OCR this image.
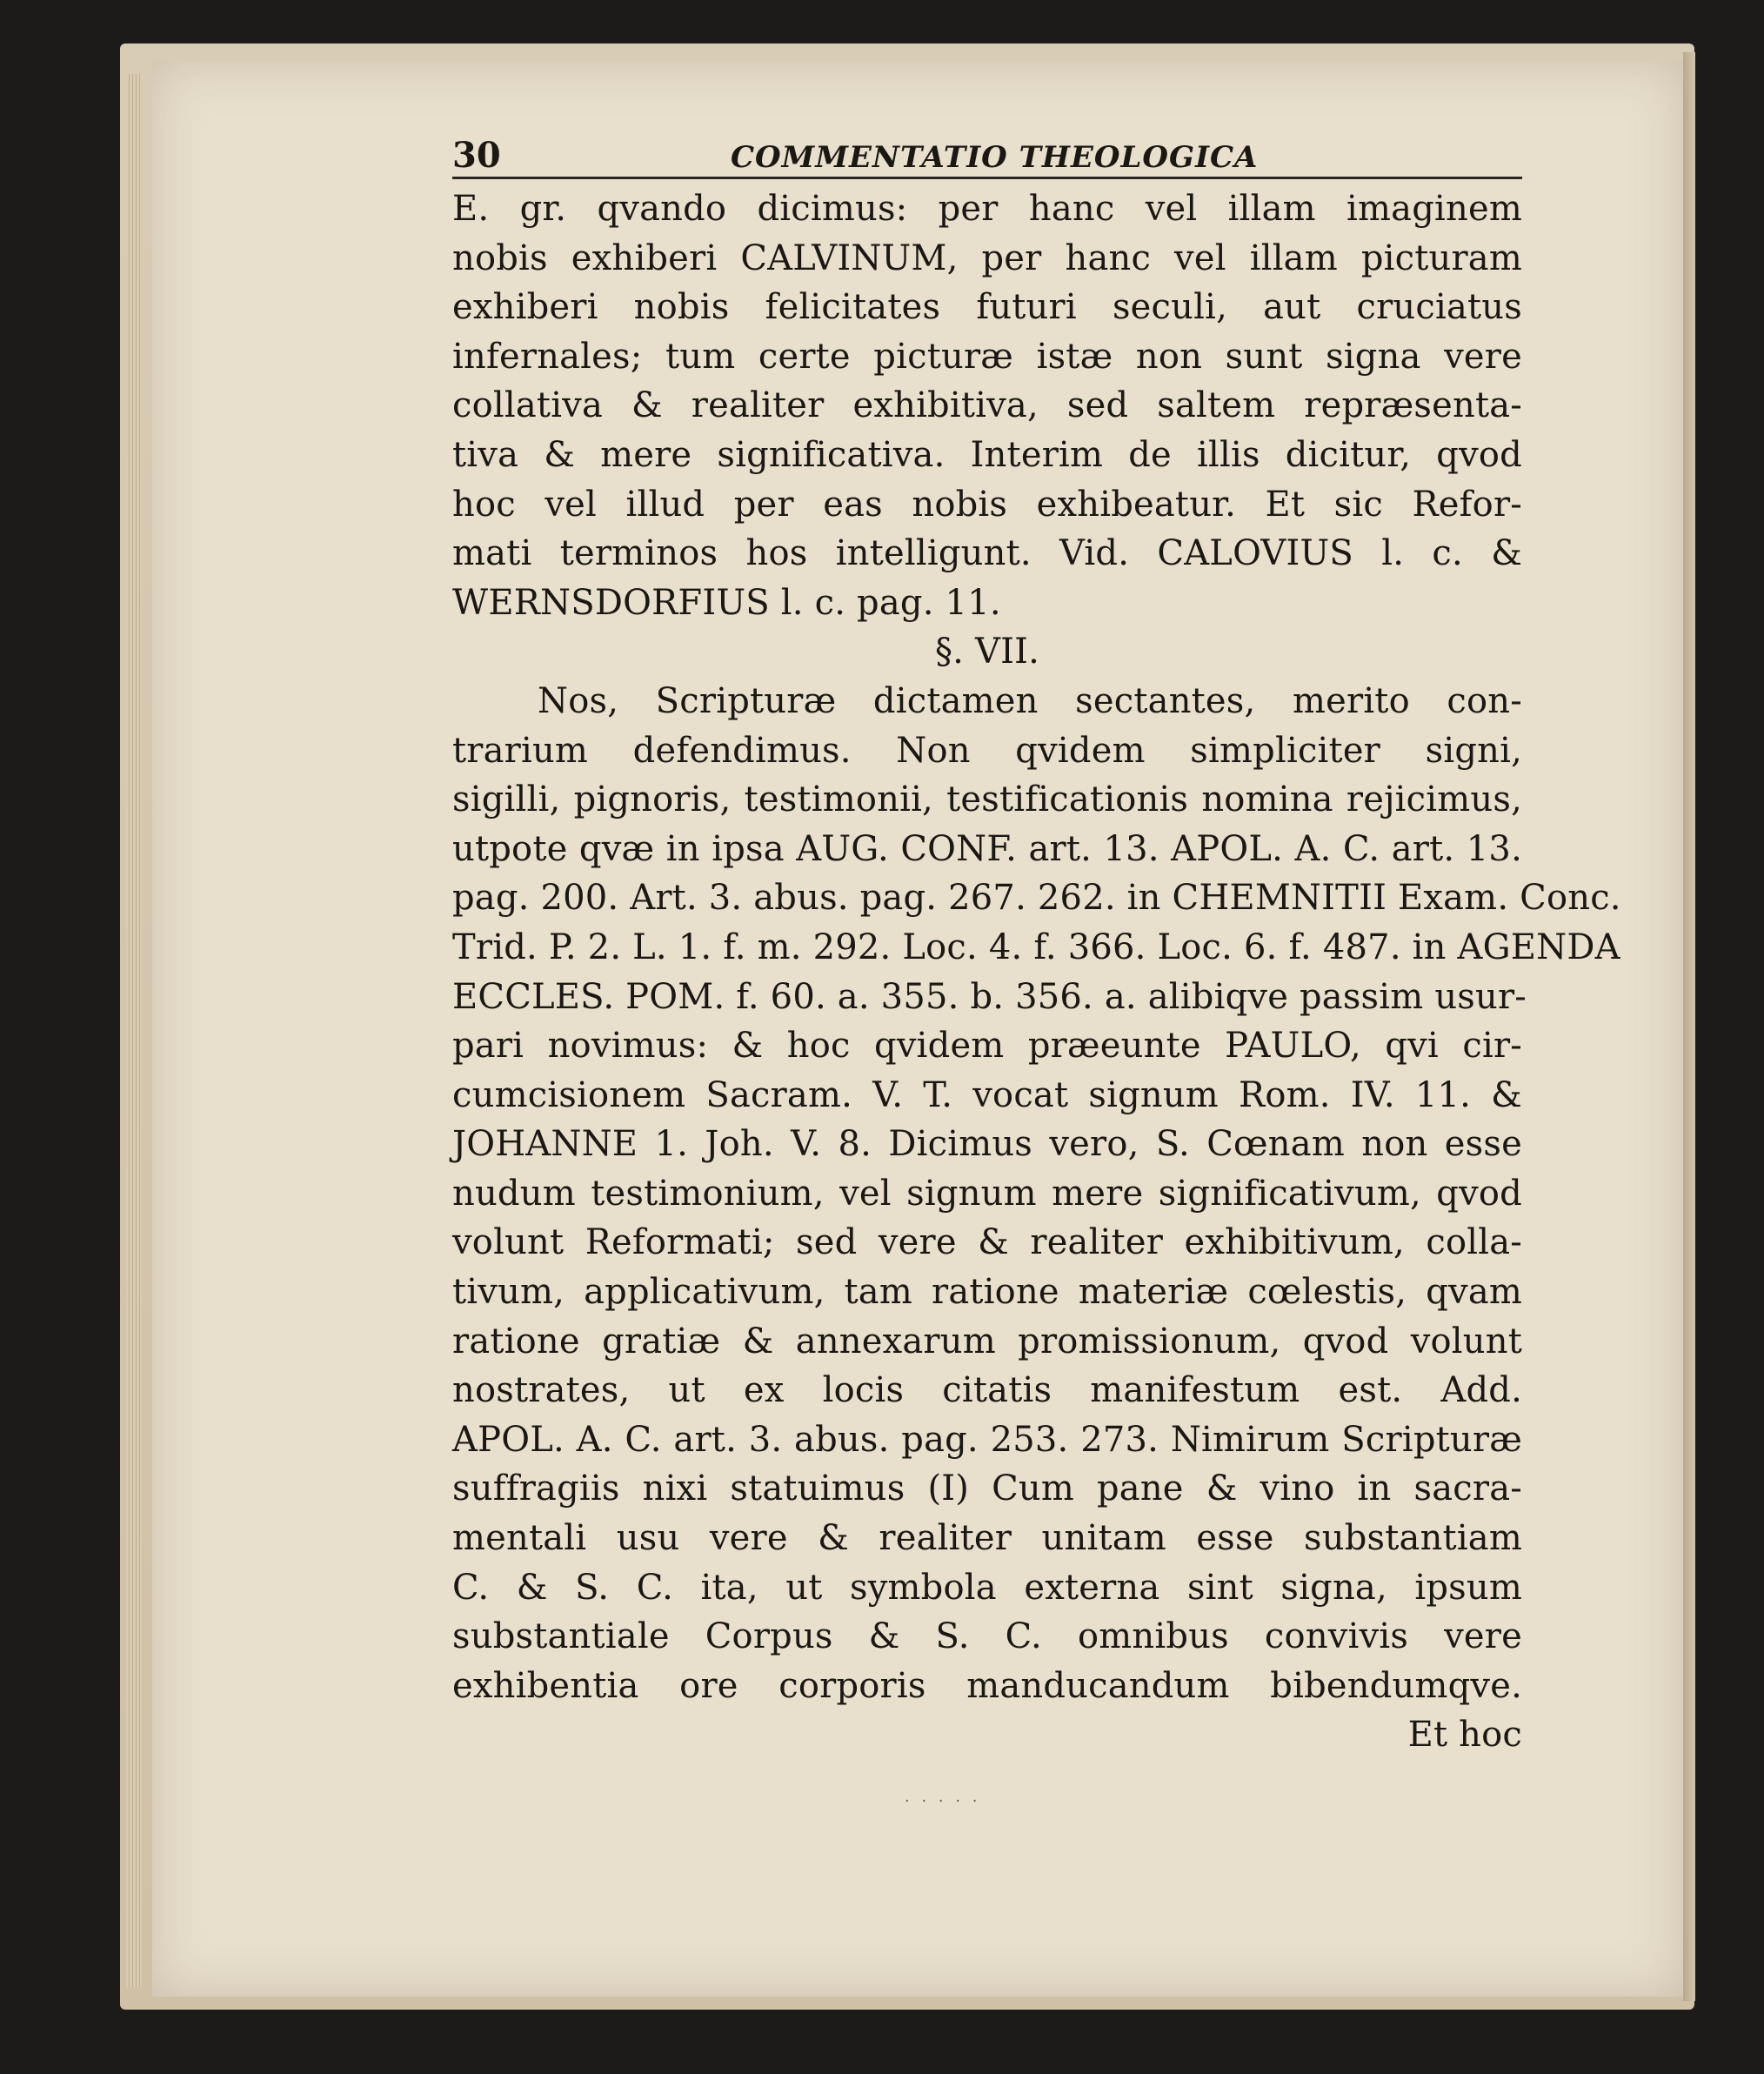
30	COMMENTATIO THEOLOGICA
E. gr. qvando dicimus: per hanc vel illam imaginem
nobis exhiberi CALVINUM, per hanc vel illam picturam
exhiberi nobis felicitates futuri seculi, aut cruciatus
infernales; tum certe picturæ istæ non sunt signa vere
collativa & realiter exhibitiva, sed saltem repræsenta-
tiva & mere significativa. Interim de illis dicitur, qvod
hoc vel illud per eas nobis exhibeatur. Et sic Refor-
mati terminos hos intelligunt. Vid. CALOVIUS l. c. &
WERNSDORFIUS l. c. pag. 11.
§. VII.
Nos, Scripturæ dictamen sectantes, merito con-
trarium defendimus. Non qvidem simpliciter signi,
sigilli, pignoris, testimonii, testificationis nomina rejicimus,
utpote qvæ in ipsa AUG. CONF. art. 13. APOL. A. C. art. 13.
pag. 200. Art. 3. abus. pag. 267. 262. in CHEMNITII Exam. Conc.
Trid. P. 2. L. 1. f. m. 292. Loc. 4. f. 366. Loc. 6. f. 487. in AGENDA
ECCLES. POM. f. 60. a. 355. b. 356. a. alibiqve passim usur-
pari novimus: & hoc qvidem præeunte PAULO, qvi cir-
cumcisionem Sacram. V. T. vocat signum Rom. IV. 11. &
JOHANNE 1. Joh. V. 8. Dicimus vero, S. Cœnam non esse
nudum testimonium, vel signum mere significativum, qvod
volunt Reformati; sed vere & realiter exhibitivum, colla-
tivum, applicativum, tam ratione materiæ cœlestis, qvam
ratione gratiæ & annexarum promissionum, qvod volunt
nostrates, ut ex locis citatis manifestum est. Add.
APOL. A. C. art. 3. abus. pag. 253. 273. Nimirum Scripturæ
suffragiis nixi statuimus (I) Cum pane & vino in sacra-
mentali usu vere & realiter unitam esse substantiam
C. & S. C. ita, ut symbola externa sint signa, ipsum
substantiale Corpus & S. C. omnibus convivis vere
exhibentia ore corporis manducandum bibendumqve.
Et hoc
· · · · ·
